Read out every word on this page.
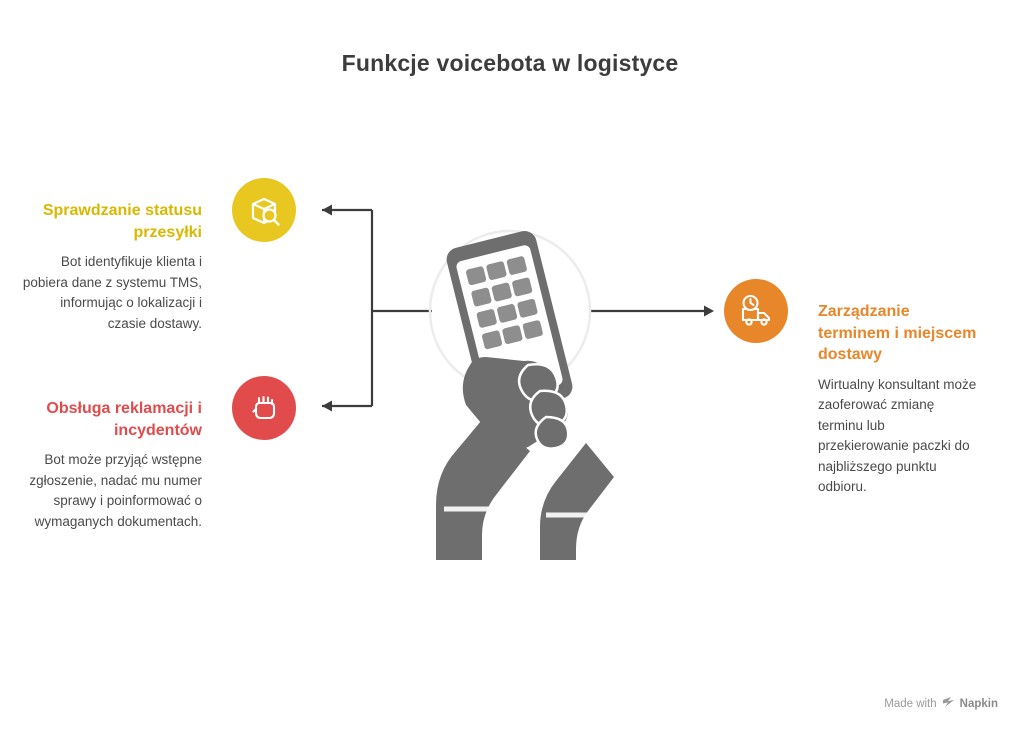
Funkcje voicebota w logistyce

Sprawdzanie statusu przesyłki

Bot identyfikuje klienta i pobiera dane z systemu TMS, informując o lokalizacji i czasie dostawy.

Obsługa reklamacji i incydentów

Bot może przyjąć wstępne zgłoszenie, nadać mu numer sprawy i poinformować o wymaganych dokumentach.

Zarządzanie terminem i miejscem dostawy

Wirtualny konsultant może zaoferować zmianę terminu lub przekierowanie paczki do najbliższego punktu odbioru.

Made with Napkin
